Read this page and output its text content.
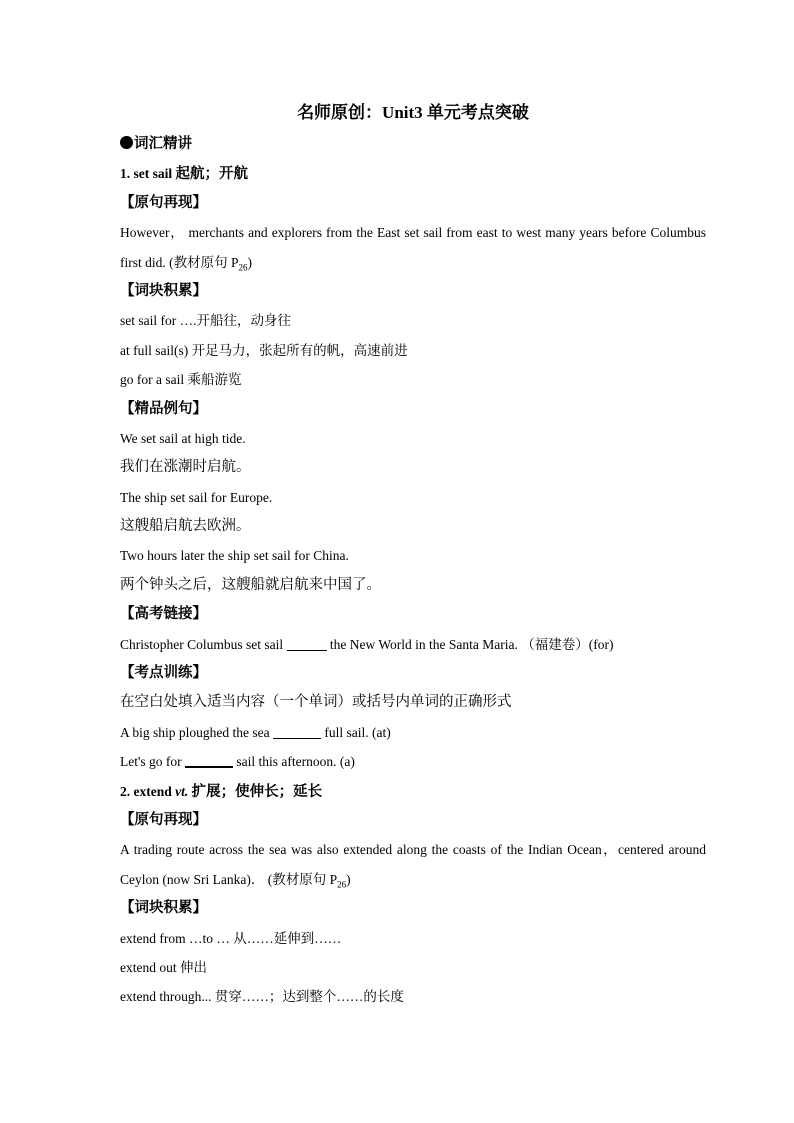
名师原创：Unit3 单元考点突破
词汇精讲
1. set sail 起航；开航
【原句再现】
However， merchants and explorers from the East set sail from east to west many years before Columbus first did. (教材原句 $P_{26}$)
【词块积累】
set sail for ….开船往，动身往
at full sail(s) 开足马力，张起所有的帆，高速前进
go for a sail 乘船游览
【精品例句】
We set sail at high tide.
我们在涨潮时启航。
The ship set sail for Europe.
这艘船启航去欧洲。
Two hours later the ship set sail for China.
两个钟头之后，这艘船就启航来中国了。
【高考链接】
Christopher Columbus set sail	the New World in the Santa Maria. （福建卷）(for)
【考点训练】
在空白处填入适当内容（一个单词）或括号内单词的正确形式
A big ship ploughed the sea	full sail. (at)
Let's go for	sail this afternoon. (a)
2. extend vt. 扩展；使伸长；延长
【原句再现】
A trading route across the sea was also extended along the coasts of the Indian Ocean，centered around Ceylon (now Sri Lanka)． (教材原句 $P_{26}$)
【词块积累】
extend from …to … 从……延伸到……
extend out 伸出
extend through... 贯穿……；达到整个……的长度
